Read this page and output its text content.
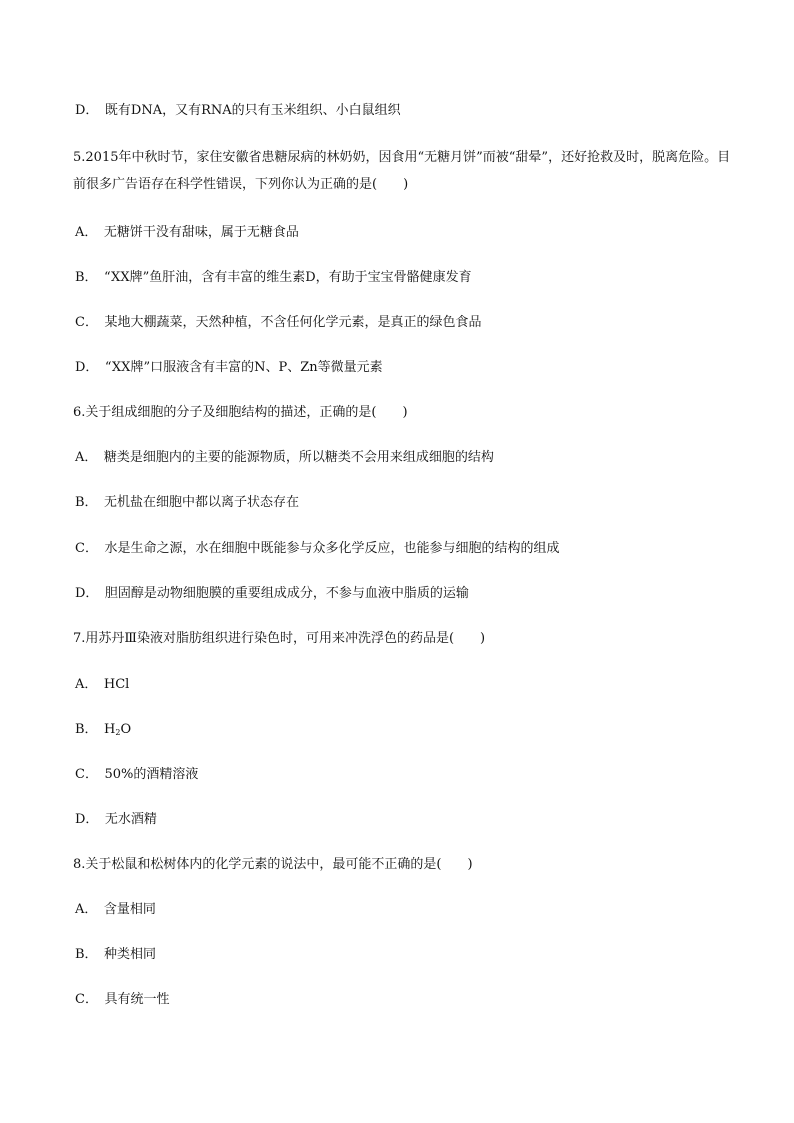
D．　既有DNA，又有RNA的只有玉米组织、小白鼠组织
5.2015年中秋时节，家住安徽省患糖尿病的林奶奶，因食用“无糖月饼”而被“甜晕”，还好抢救及时，脱离危险。目前很多广告语存在科学性错误，下列你认为正确的是(　　)
A．　无糖饼干没有甜味，属于无糖食品
B．　“XX牌”鱼肝油，含有丰富的维生素D，有助于宝宝骨骼健康发育
C．　某地大棚蔬菜，天然种植，不含任何化学元素，是真正的绿色食品
D．　“XX牌”口服液含有丰富的N、P、Zn等微量元素
6.关于组成细胞的分子及细胞结构的描述，正确的是(　　)
A．　糖类是细胞内的主要的能源物质，所以糖类不会用来组成细胞的结构
B．　无机盐在细胞中都以离子状态存在
C．　水是生命之源，水在细胞中既能参与众多化学反应，也能参与细胞的结构的组成
D．　胆固醇是动物细胞膜的重要组成成分，不参与血液中脂质的运输
7.用苏丹Ⅲ染液对脂肪组织进行染色时，可用来冲洗浮色的药品是(　　)
A．　HCl
B．　$H_2O$
C．　50%的酒精溶液
D．　无水酒精
8.关于松鼠和松树体内的化学元素的说法中，最可能不正确的是(　　)
A．　含量相同
B．　种类相同
C．　具有统一性
